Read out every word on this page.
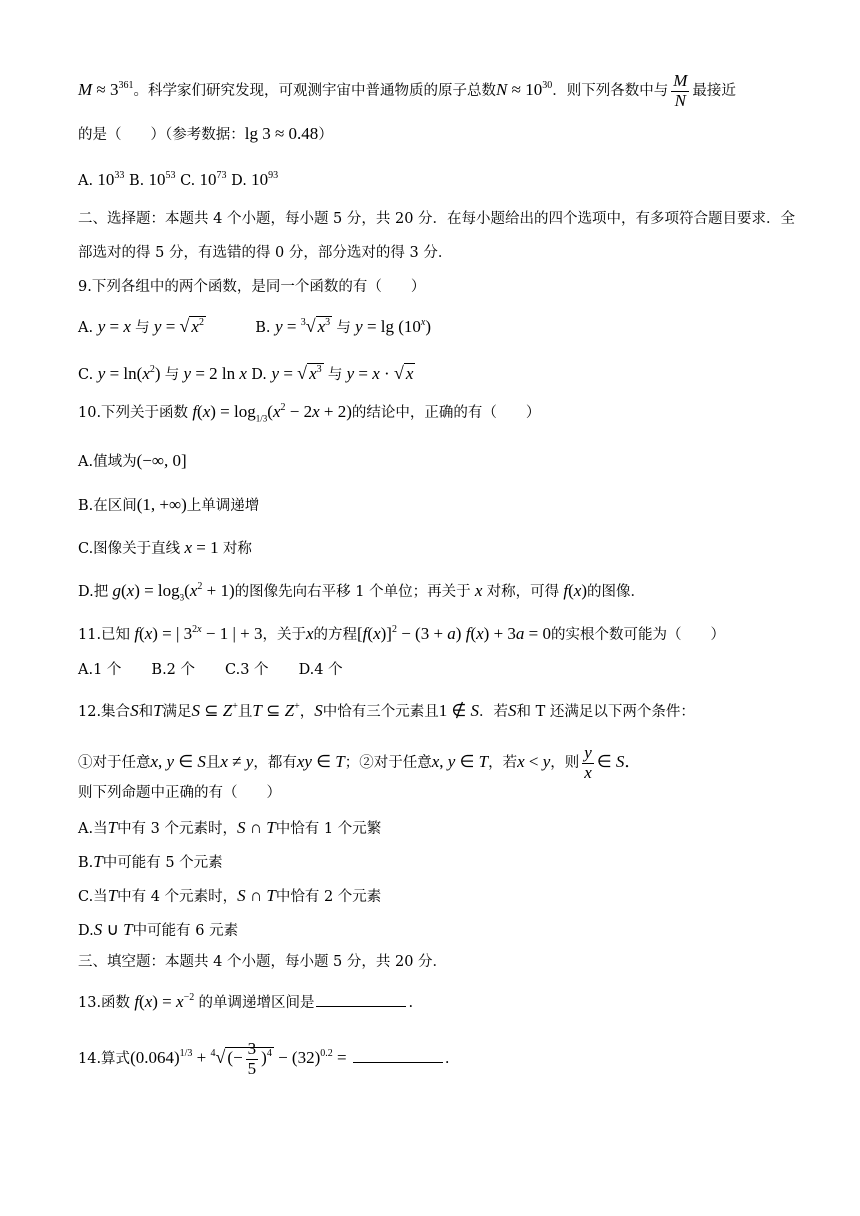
$M \approx 3^{361}$。科学家们研究发现，可观测宇宙中普通物质的原子总数$N \approx 10^{30}$．则下列各数中与 $\frac{M}{N}$ 最接近
的是（　　）（参考数据：lg 3 ≈ 0.48）
A. $10^{33}$ B. $10^{53}$ C. $10^{73}$ D. $10^{93}$
二、选择题：本题共 4 个小题，每小题 5 分，共 20 分．在每小题给出的四个选项中，有多项符合题目要求．全
部选对的得 5 分，有选错的得 0 分，部分选对的得 3 分．
9.下列各组中的两个函数，是同一个函数的有（　　）
A. y = x 与 y = √ $x^2$	B. y = $^3$√ $x^3$ 与 y = lg (10$^x$)
C. $y = \ln(x^2)$ 与 y = 2 ln x D. y = √ $x^3$ 与 y = x · √ x
10.下列关于函数 $f(x) = \log_{1/3}(x^2 - 2x + 2)$的结论中，正确的有（　　）
A.值域为(−∞, 0]
B.在区间(1, +∞)上单调递增
C.图像关于直线 x = 1 对称
D.把 $g(x) = \log_3(x^2 + 1)$的图像先向右平移 1 个单位；再关于 x 对称，可得 f(x)的图像．
11.已知 f(x) = | $3^{2x} - 1$ | + 3，关于x的方程$[f(x)]^2 - (3 + a) f(x) + 3a = 0$的实根个数可能为（　　）
A.1 个 B.2 个 C.3 个 D.4 个
12.集合S和T满足S ⊆ Z+且T ⊆ Z+，S中恰有三个元素且1 ∉ S．若S和 T 还满足以下两个条件：
①对于任意x, y ∈ S且x ≠ y，都有xy ∈ T；②对于任意x, y ∈ T，若x < y，则 $\frac{y}{x}$ ∈ S．
则下列命题中正确的有（　　）
A.当T中有 3 个元素时，S ∩ T中恰有 1 个元繁
B.T中可能有 5 个元素
C.当T中有 4 个元素时，S ∩ T中恰有 2 个元素
D.S ∪ T中可能有 6 元素
三、填空题：本题共 4 个小题，每小题 5 分，共 20 分．
13.函数 $f(x) = x^{-2}$ 的单调递增区间是	.
14.算式$(0.064)^{1/3} + ^4√$ (− $\frac{3}{5} )^4 - (32)^{0.2}$ =	.
